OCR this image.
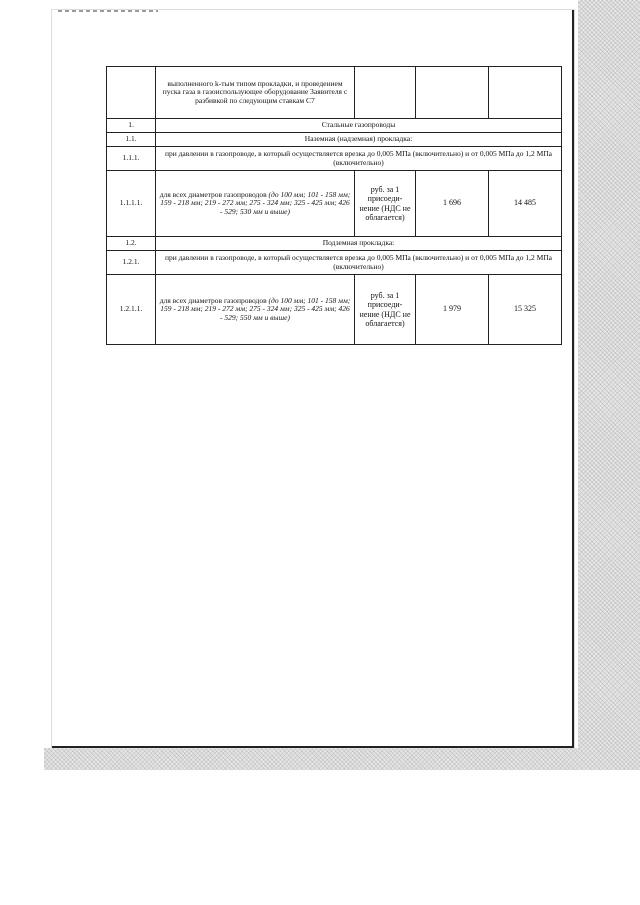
	выполненного k-тым типом прокладки, и проведением пуска газа в газоиспользующее оборудование Заявителя с разбивкой по следующим ставкам С7			
1.	Стальные газопроводы			
1.1.	Наземная (надземная) прокладка:			
1.1.1.	при давлении в газопроводе, в который осуществляется врезка до 0,005 МПа (включительно) и от 0,005 МПа до 1,2 МПа (включительно)			
1.1.1.1.	для всех диаметров газопроводов (до 100 мм; 101 - 158 мм; 159 - 218 мм; 219 - 272 мм; 275 - 324 мм; 325 - 425 мм; 426 - 529; 530 мм и выше)	руб. за 1 присоеди-нение (НДС не облагается)	1 696	14 485
1.2.	Подземная прокладка:			
1.2.1.	при давлении в газопроводе, в который осуществляется врезка до 0,005 МПа (включительно) и от 0,005 МПа до 1,2 МПа (включительно)			
1.2.1.1.	для всех диаметров газопроводов (до 100 мм; 101 - 158 мм; 159 - 218 мм; 219 - 272 мм; 275 - 324 мм; 325 - 425 мм; 426 - 529; 550 мм и выше)	руб. за 1 присоеди-нение (НДС не облагается)	1 979	15 325
